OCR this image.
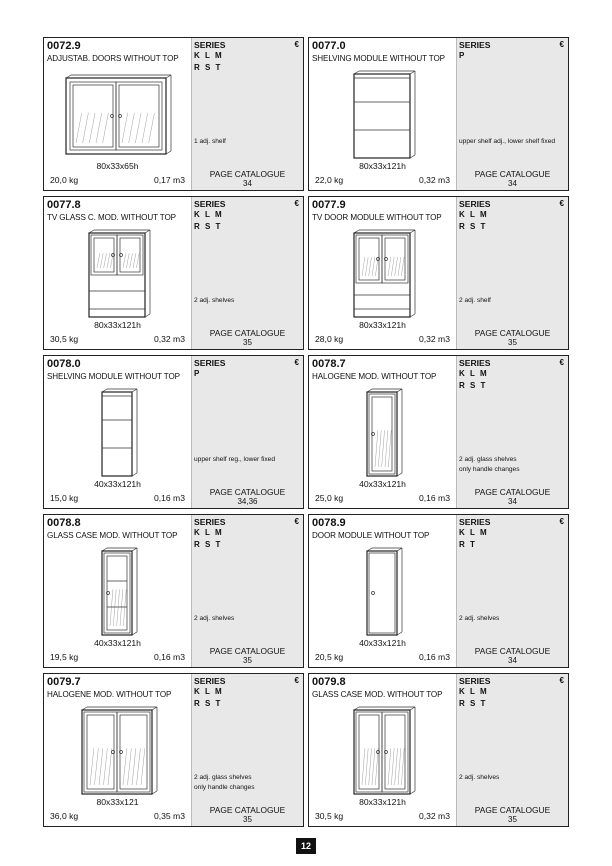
0072.9
ADJUSTAB. DOORS WITHOUT TOP
80x33x65h
20,0 kg	0,17 m3
SERIES	€
K L M
R S T
1 adj. shelf
PAGE CATALOGUE
34
0077.0
SHELVING MODULE WITHOUT TOP
80x33x121h
22,0 kg	0,32 m3
SERIES	€
P
upper shelf adj., lower shelf fixed
PAGE CATALOGUE
34
0077.8
TV GLASS C. MOD. WITHOUT TOP
80x33x121h
30,5 kg	0,32 m3
SERIES	€
K L M
R S T
2 adj. shelves
PAGE CATALOGUE
35
0077.9
TV DOOR MODULE WITHOUT TOP
80x33x121h
28,0 kg	0,32 m3
SERIES	€
K L M
R S T
2 adj. shelf
PAGE CATALOGUE
35
0078.0
SHELVING MODULE WITHOUT TOP
40x33x121h
15,0 kg	0,16 m3
SERIES	€
P
upper shelf reg., lower fixed
PAGE CATALOGUE
34,36
0078.7
HALOGENE MOD. WITHOUT TOP
40x33x121h
25,0 kg	0,16 m3
SERIES	€
K L M
R S T
2 adj. glass shelves
only handle changes
PAGE CATALOGUE
34
0078.8
GLASS CASE MOD. WITHOUT TOP
40x33x121h
19,5 kg	0,16 m3
SERIES	€
K L M
R S T
2 adj. shelves
PAGE CATALOGUE
35
0078.9
DOOR MODULE WITHOUT TOP
40x33x121h
20,5 kg	0,16 m3
SERIES	€
K L M
R T
2 adj. shelves
PAGE CATALOGUE
34
0079.7
HALOGENE MOD. WITHOUT TOP
80x33x121
36,0 kg	0,35 m3
SERIES	€
K L M
R S T
2 adj. glass shelves
only handle changes
PAGE CATALOGUE
35
0079.8
GLASS CASE MOD. WITHOUT TOP
80x33x121h
30,5 kg	0,32 m3
SERIES	€
K L M
R S T
2 adj. shelves
PAGE CATALOGUE
35
12
